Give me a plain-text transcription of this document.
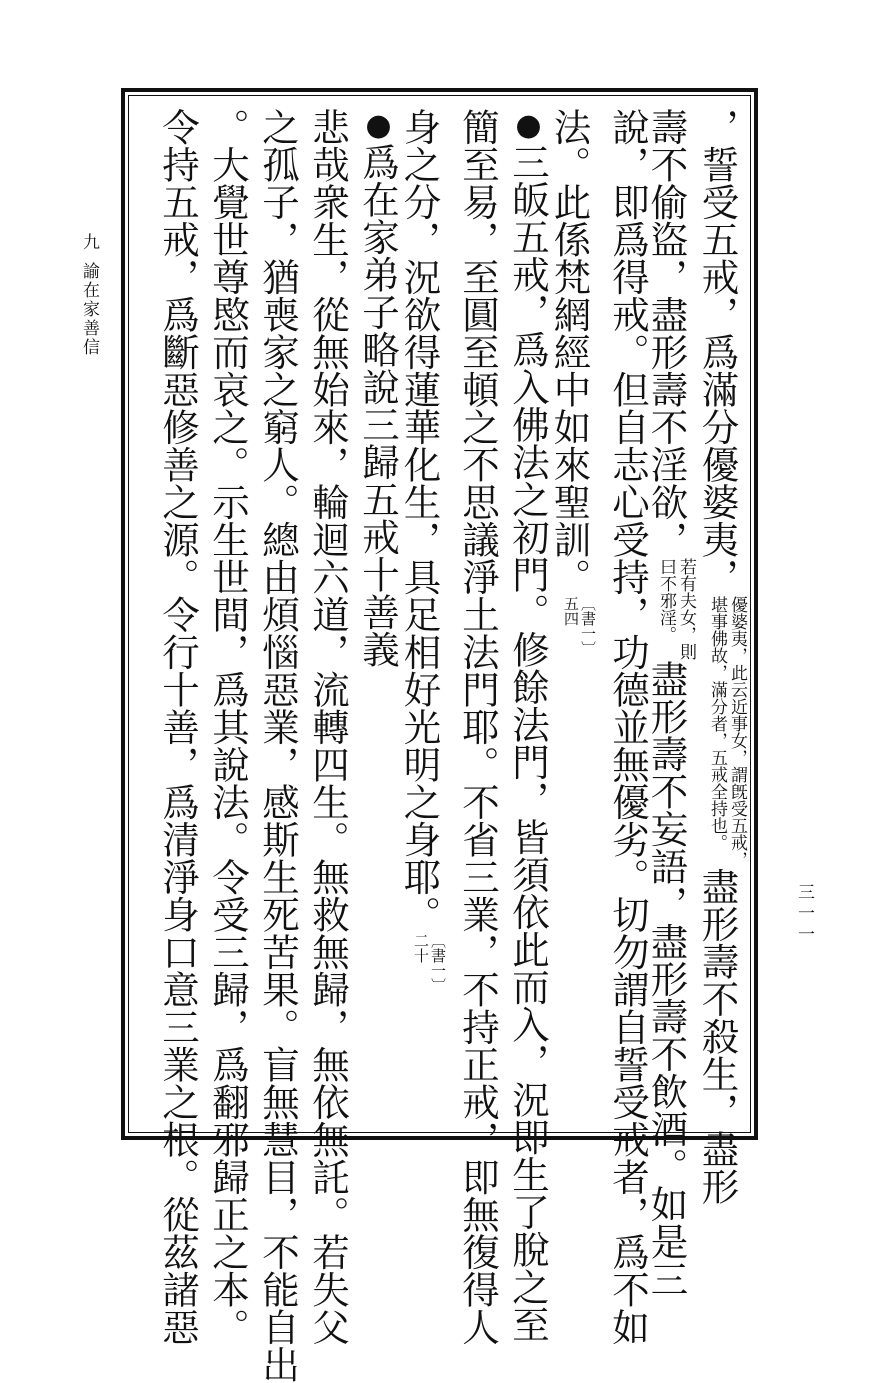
九
諭在家善信
三一一
，誓受五戒，爲滿分優婆夷，
優婆夷，此云近事女，謂旣受五戒，
堪事佛故，滿分者，五戒全持也。
盡形壽不殺生，盡形
壽不偷盜，盡形壽不淫欲，
若有夫女，則
曰不邪淫。
盡形壽不妄語，盡形壽不飲酒。如是三
說，即爲得戒。但自志心受持，功德並無優劣。切勿謂自誓受戒者，爲不如
法。此係梵網經中如來聖訓。
〔書一〕
五四
●三皈五戒，爲入佛法之初門。修餘法門，皆須依此而入，況即生了脫之至
簡至易，至圓至頓之不思議淨土法門耶。不省三業，不持正戒，即無復得人
身之分，況欲得蓮華化生，具足相好光明之身耶。
〔書一〕
二十
●爲在家弟子略說三歸五戒十善義
悲哉衆生，從無始來，輪迴六道，流轉四生。無救無歸，無依無託。若失父
之孤子，猶喪家之窮人。總由煩惱惡業，感斯生死苦果。盲無慧目，不能自出
。大覺世尊愍而哀之。示生世間，爲其說法。令受三歸，爲翻邪歸正之本。
令持五戒，爲斷惡修善之源。令行十善，爲清淨身口意三業之根。從茲諸惡
